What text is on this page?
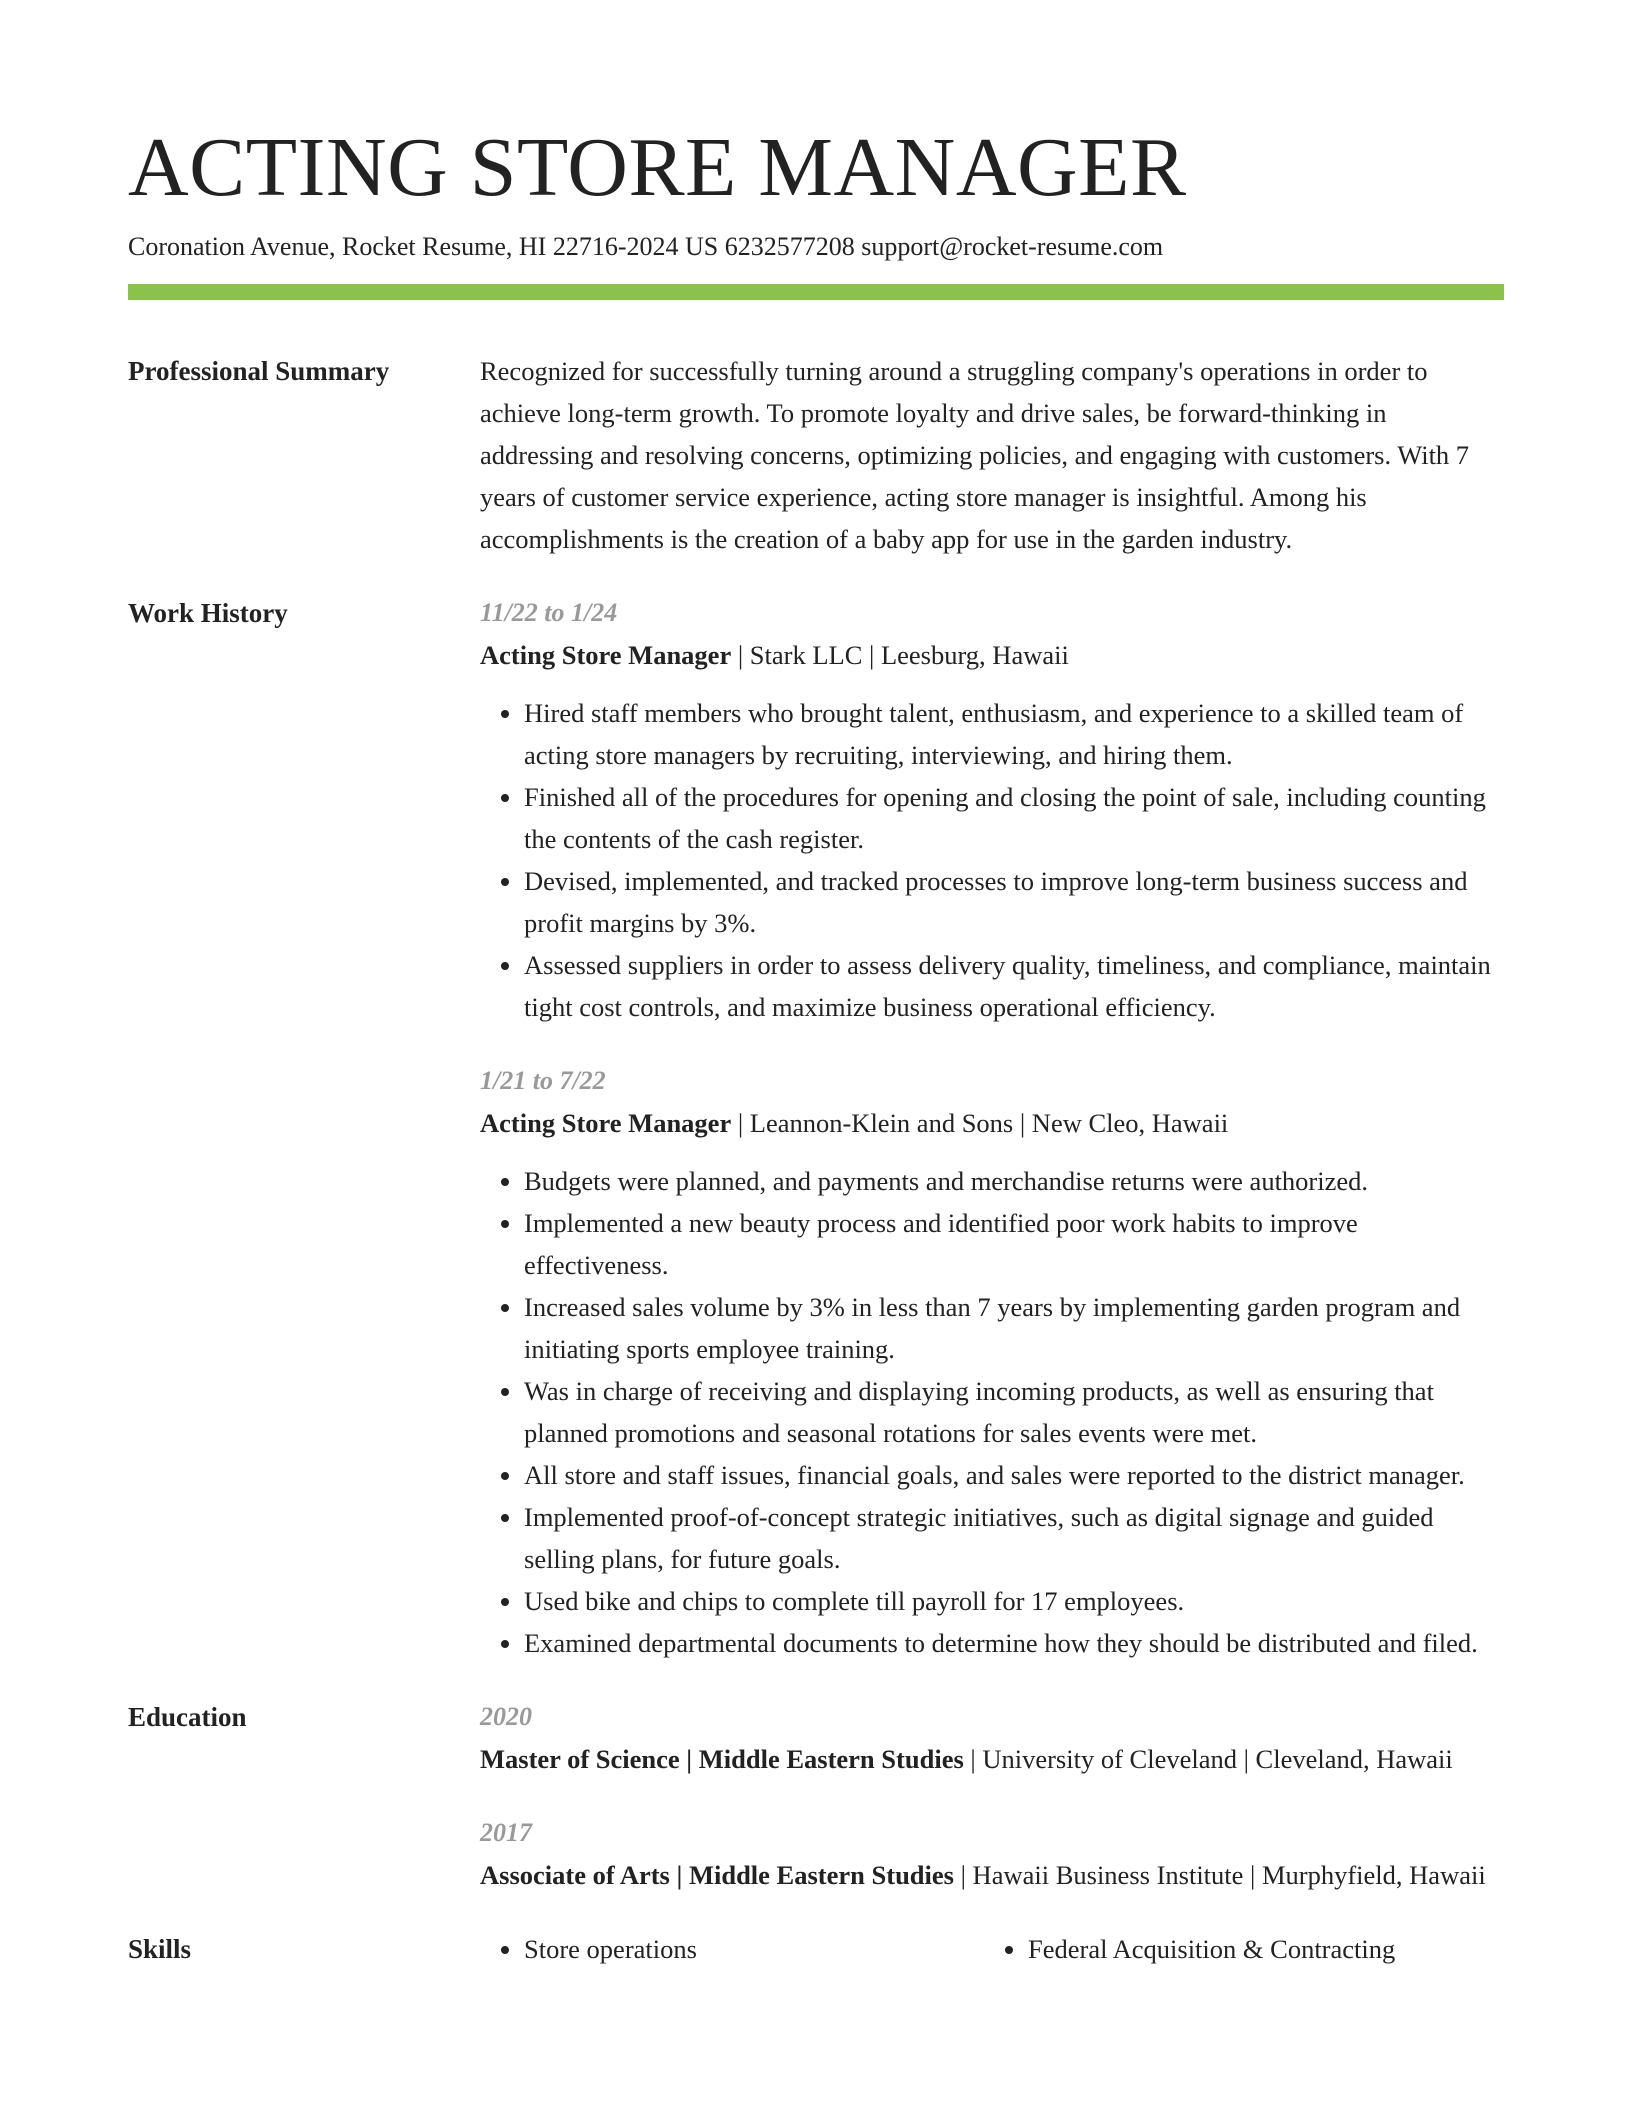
ACTING STORE MANAGER
Coronation Avenue, Rocket Resume, HI 22716-2024 US 6232577208 support@rocket-resume.com
Professional Summary	Recognized for successfully turning around a struggling company's operations in order to achieve long-term growth. To promote loyalty and drive sales, be forward-thinking in addressing and resolving concerns, optimizing policies, and engaging with customers. With 7 years of customer service experience, acting store manager is insightful. Among his accomplishments is the creation of a baby app for use in the garden industry.
Work History	11/22 to 1/24
Acting Store Manager | Stark LLC | Leesburg, Hawaii
• Hired staff members who brought talent, enthusiasm, and experience to a skilled team of acting store managers by recruiting, interviewing, and hiring them.
• Finished all of the procedures for opening and closing the point of sale, including counting the contents of the cash register.
• Devised, implemented, and tracked processes to improve long-term business success and profit margins by 3%.
• Assessed suppliers in order to assess delivery quality, timeliness, and compliance, maintain tight cost controls, and maximize business operational efficiency.
1/21 to 7/22
Acting Store Manager | Leannon-Klein and Sons | New Cleo, Hawaii
• Budgets were planned, and payments and merchandise returns were authorized.
• Implemented a new beauty process and identified poor work habits to improve effectiveness.
• Increased sales volume by 3% in less than 7 years by implementing garden program and initiating sports employee training.
• Was in charge of receiving and displaying incoming products, as well as ensuring that planned promotions and seasonal rotations for sales events were met.
• All store and staff issues, financial goals, and sales were reported to the district manager.
• Implemented proof-of-concept strategic initiatives, such as digital signage and guided selling plans, for future goals.
• Used bike and chips to complete till payroll for 17 employees.
• Examined departmental documents to determine how they should be distributed and filed.
Education	2020
Master of Science | Middle Eastern Studies | University of Cleveland | Cleveland, Hawaii
2017
Associate of Arts | Middle Eastern Studies | Hawaii Business Institute | Murphyfield, Hawaii
Skills	• Store operations	• Federal Acquisition & Contracting
